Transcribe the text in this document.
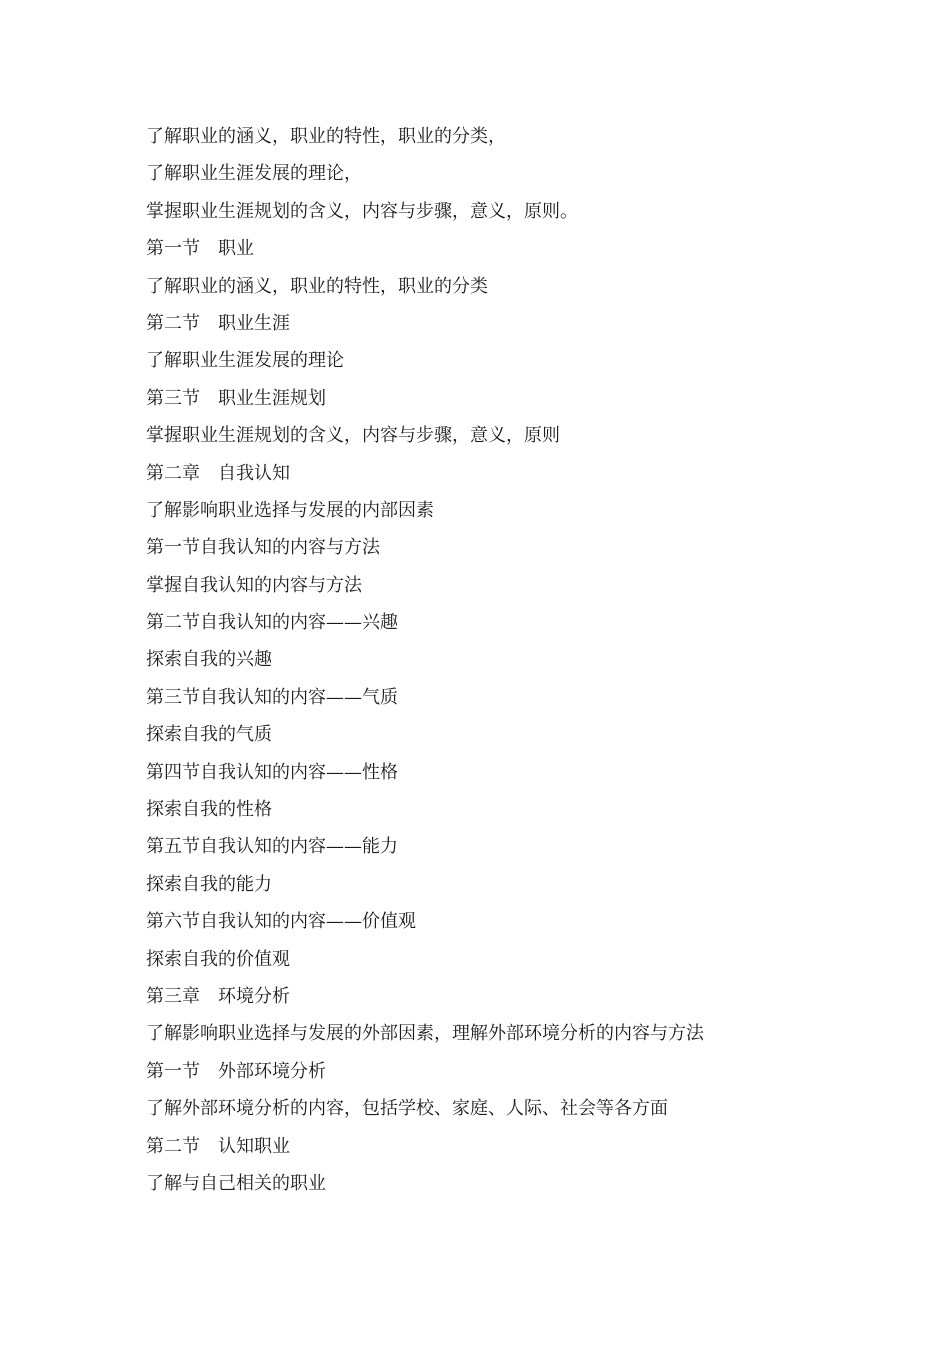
了解职业的涵义，职业的特性，职业的分类，
了解职业生涯发展的理论，
掌握职业生涯规划的含义，内容与步骤，意义，原则。
第一节　职业
了解职业的涵义，职业的特性，职业的分类
第二节　职业生涯
了解职业生涯发展的理论
第三节　职业生涯规划
掌握职业生涯规划的含义，内容与步骤，意义，原则
第二章　自我认知
了解影响职业选择与发展的内部因素
第一节自我认知的内容与方法
掌握自我认知的内容与方法
第二节自我认知的内容——兴趣
探索自我的兴趣
第三节自我认知的内容——气质
探索自我的气质
第四节自我认知的内容——性格
探索自我的性格
第五节自我认知的内容——能力
探索自我的能力
第六节自我认知的内容——价值观
探索自我的价值观
第三章　环境分析
了解影响职业选择与发展的外部因素，理解外部环境分析的内容与方法
第一节　外部环境分析
了解外部环境分析的内容，包括学校、家庭、人际、社会等各方面
第二节　认知职业
了解与自己相关的职业
